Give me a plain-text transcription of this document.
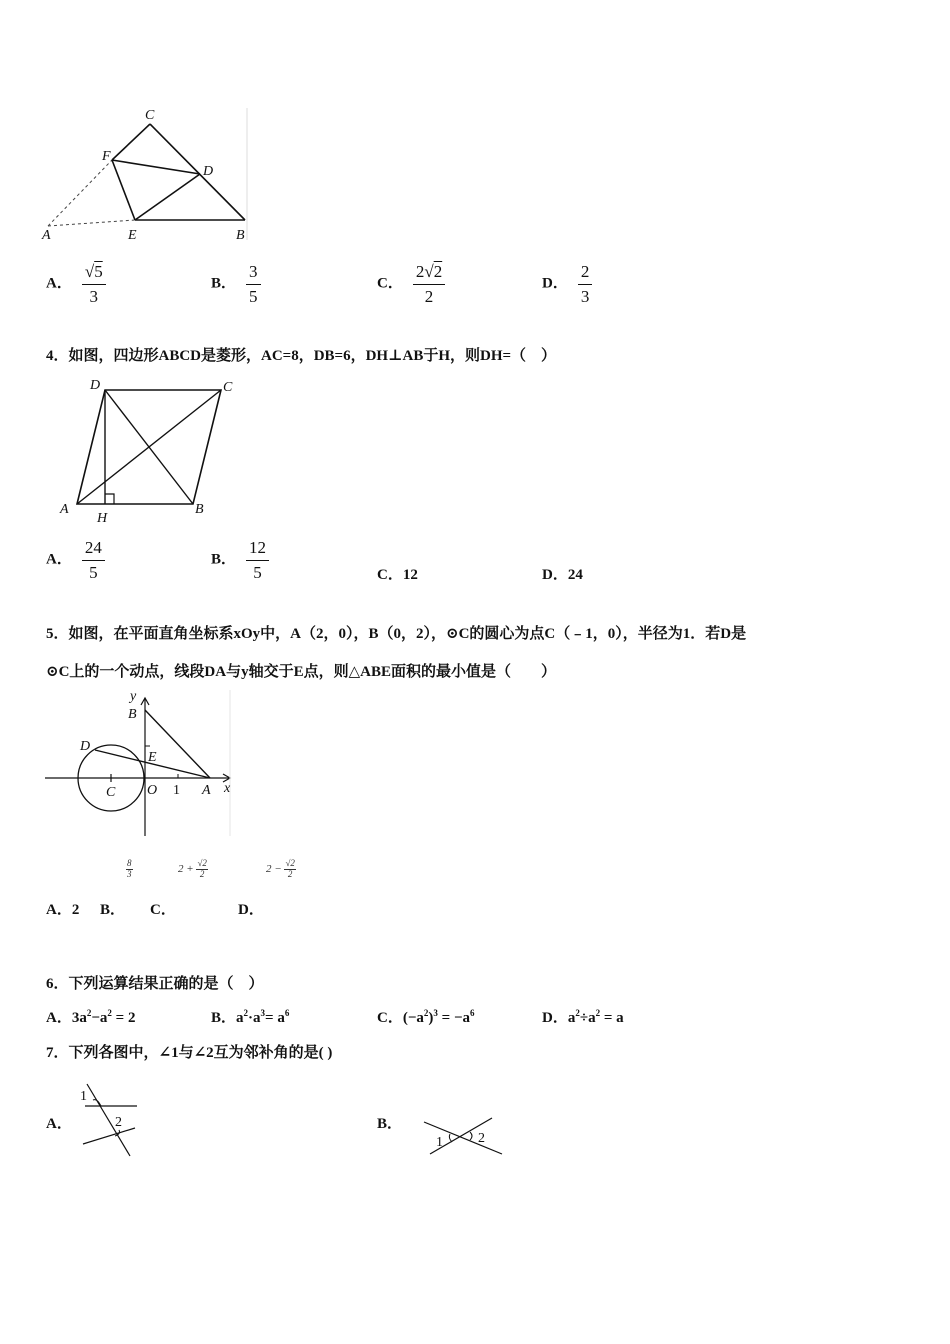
C
F
D
A	E	B
A． $\frac{√5}{3}$	B． $\frac{3}{5}$	C． $\frac{2√2}{2}$	D． $\frac{2}{3}$
4．如图，四边形ABCD是菱形，AC=8，DB=6，DH⊥AB于H，则DH=（　）
D	C
A
H
B
A． $\frac{24}{5}$	B． $\frac{12}{5}$	C．12	D．24
5．如图，在平面直角坐标系xOy中，A（2，0），B（0，2），⊙C的圆心为点C（﹣1，0），半径为1．若D是
⊙C上的一个动点，线段DA与y轴交于E点，则△ABE面积的最小值是（　　）
y
B
D
E
C O 1 A x
$\frac{8}{3}$	$2 + \frac{√2}{2}$	$2 - \frac{√2}{2}$
A．2 B． C．	D．
6．下列运算结果正确的是（　）
A．$3a^2-a^2 = 2$	B．$a^2\cdot a^3= a^6$	C．$(-a^2)^3 = -a^6$	D．$a^2\div a^2 = a$
7．下列各图中，∠1与∠2互为邻补角的是( )
A．
1
2	B．
1	2
